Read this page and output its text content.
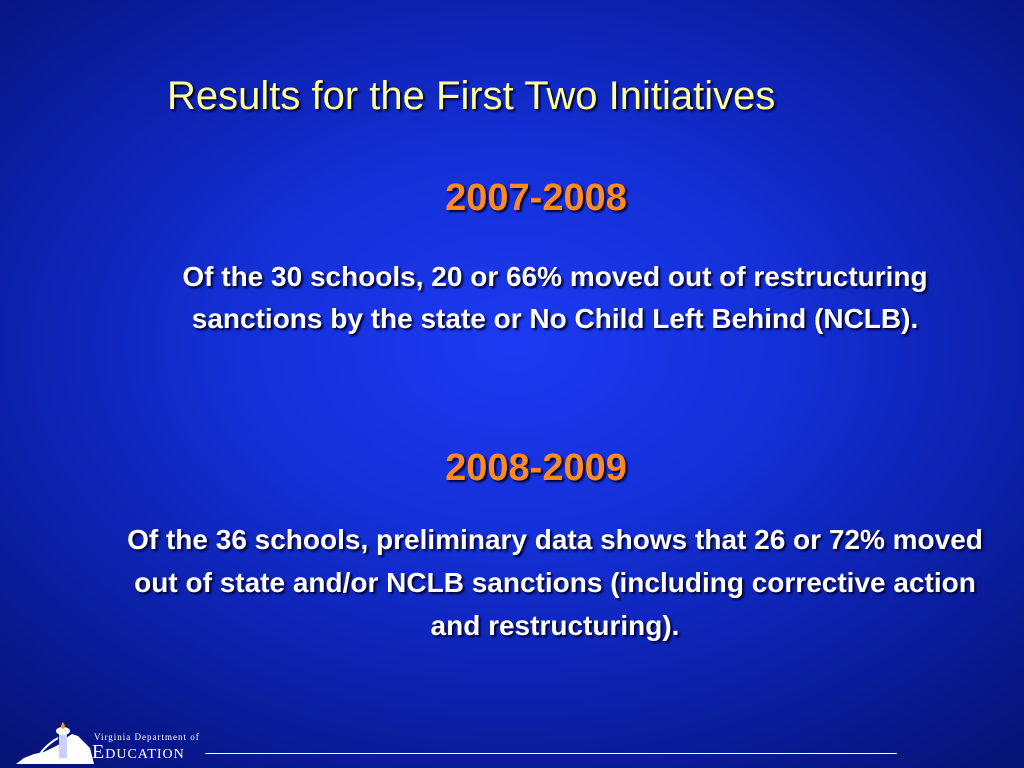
Results for the First Two Initiatives
2007-2008
Of the 30 schools, 20 or 66% moved out of restructuring sanctions by the state or No Child Left Behind (NCLB).
2008-2009
Of the 36 schools, preliminary data shows that 26 or 72% moved out of state and/or NCLB sanctions (including corrective action and restructuring).
Virginia Department of
Education
